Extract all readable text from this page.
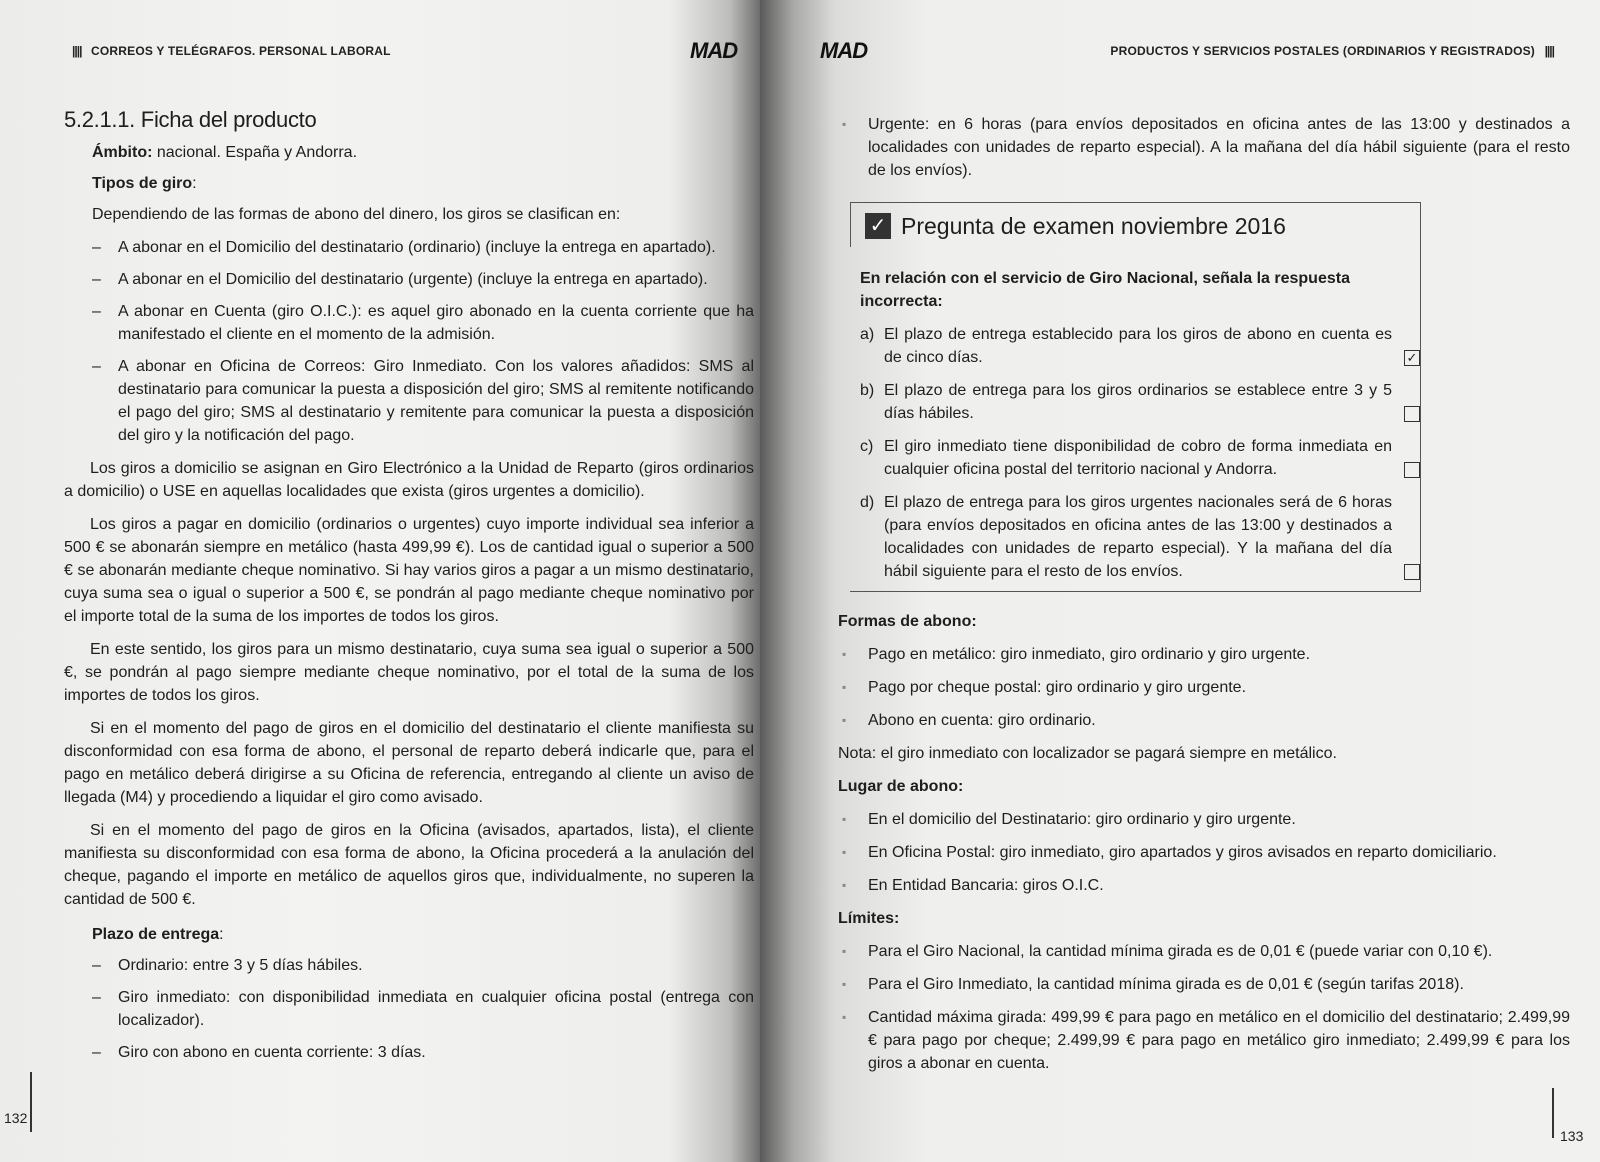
|||| CORREOS Y TELÉGRAFOS. PERSONAL LABORAL	MAD
5.2.1.1. Ficha del producto

Ámbito: nacional. España y Andorra.

Tipos de giro:

Dependiendo de las formas de abono del dinero, los giros se clasifican en:

– A abonar en el Domicilio del destinatario (ordinario) (incluye la entrega en apartado).
– A abonar en el Domicilio del destinatario (urgente) (incluye la entrega en apartado).
– A abonar en Cuenta (giro O.I.C.): es aquel giro abonado en la cuenta corriente que ha manifestado el cliente en el momento de la admisión.
– A abonar en Oficina de Correos: Giro Inmediato. Con los valores añadidos: SMS al destinatario para comunicar la puesta a disposición del giro; SMS al remitente notificando el pago del giro; SMS al destinatario y remitente para comunicar la puesta a disposición del giro y la notificación del pago.

Los giros a domicilio se asignan en Giro Electrónico a la Unidad de Reparto (giros ordinarios a domicilio) o USE en aquellas localidades que exista (giros urgentes a domicilio).

Los giros a pagar en domicilio (ordinarios o urgentes) cuyo importe individual sea inferior a 500 € se abonarán siempre en metálico (hasta 499,99 €). Los de cantidad igual o superior a 500 € se abonarán mediante cheque nominativo. Si hay varios giros a pagar a un mismo destinatario, cuya suma sea o igual o superior a 500 €, se pondrán al pago mediante cheque nominativo por el importe total de la suma de los importes de todos los giros.

En este sentido, los giros para un mismo destinatario, cuya suma sea igual o superior a 500 €, se pondrán al pago siempre mediante cheque nominativo, por el total de la suma de los importes de todos los giros.

Si en el momento del pago de giros en el domicilio del destinatario el cliente manifiesta su disconformidad con esa forma de abono, el personal de reparto deberá indicarle que, para el pago en metálico deberá dirigirse a su Oficina de referencia, entregando al cliente un aviso de llegada (M4) y procediendo a liquidar el giro como avisado.

Si en el momento del pago de giros en la Oficina (avisados, apartados, lista), el cliente manifiesta su disconformidad con esa forma de abono, la Oficina procederá a la anulación del cheque, pagando el importe en metálico de aquellos giros que, individualmente, no superen la cantidad de 500 €.

Plazo de entrega:

– Ordinario: entre 3 y 5 días hábiles.
– Giro inmediato: con disponibilidad inmediata en cualquier oficina postal (entrega con localizador).
– Giro con abono en cuenta corriente: 3 días.
132
MAD	PRODUCTOS Y SERVICIOS POSTALES (ORDINARIOS Y REGISTRADOS) ||||
▪ Urgente: en 6 horas (para envíos depositados en oficina antes de las 13:00 y destinados a localidades con unidades de reparto especial). A la mañana del día hábil siguiente (para el resto de los envíos).
✓ Pregunta de examen noviembre 2016
En relación con el servicio de Giro Nacional, señala la respuesta incorrecta:
a) El plazo de entrega establecido para los giros de abono en cuenta es de cinco días.	✓
b) El plazo de entrega para los giros ordinarios se establece entre 3 y 5 días hábiles.
c) El giro inmediato tiene disponibilidad de cobro de forma inmediata en cualquier oficina postal del territorio nacional y Andorra.
d) El plazo de entrega para los giros urgentes nacionales será de 6 horas (para envíos depositados en oficina antes de las 13:00 y destinados a localidades con unidades de reparto especial). Y la mañana del día hábil siguiente para el resto de los envíos.
Formas de abono:
▪ Pago en metálico: giro inmediato, giro ordinario y giro urgente.
▪ Pago por cheque postal: giro ordinario y giro urgente.
▪ Abono en cuenta: giro ordinario.

Nota: el giro inmediato con localizador se pagará siempre en metálico.

Lugar de abono:
▪ En el domicilio del Destinatario: giro ordinario y giro urgente.
▪ En Oficina Postal: giro inmediato, giro apartados y giros avisados en reparto domiciliario.
▪ En Entidad Bancaria: giros O.I.C.
Límites:
▪ Para el Giro Nacional, la cantidad mínima girada es de 0,01 € (puede variar con 0,10 €).
▪ Para el Giro Inmediato, la cantidad mínima girada es de 0,01 € (según tarifas 2018).
▪ Cantidad máxima girada: 499,99 € para pago en metálico en el domicilio del destinatario; 2.499,99 € para pago por cheque; 2.499,99 € para pago en metálico giro inmediato; 2.499,99 € para los giros a abonar en cuenta.
133
